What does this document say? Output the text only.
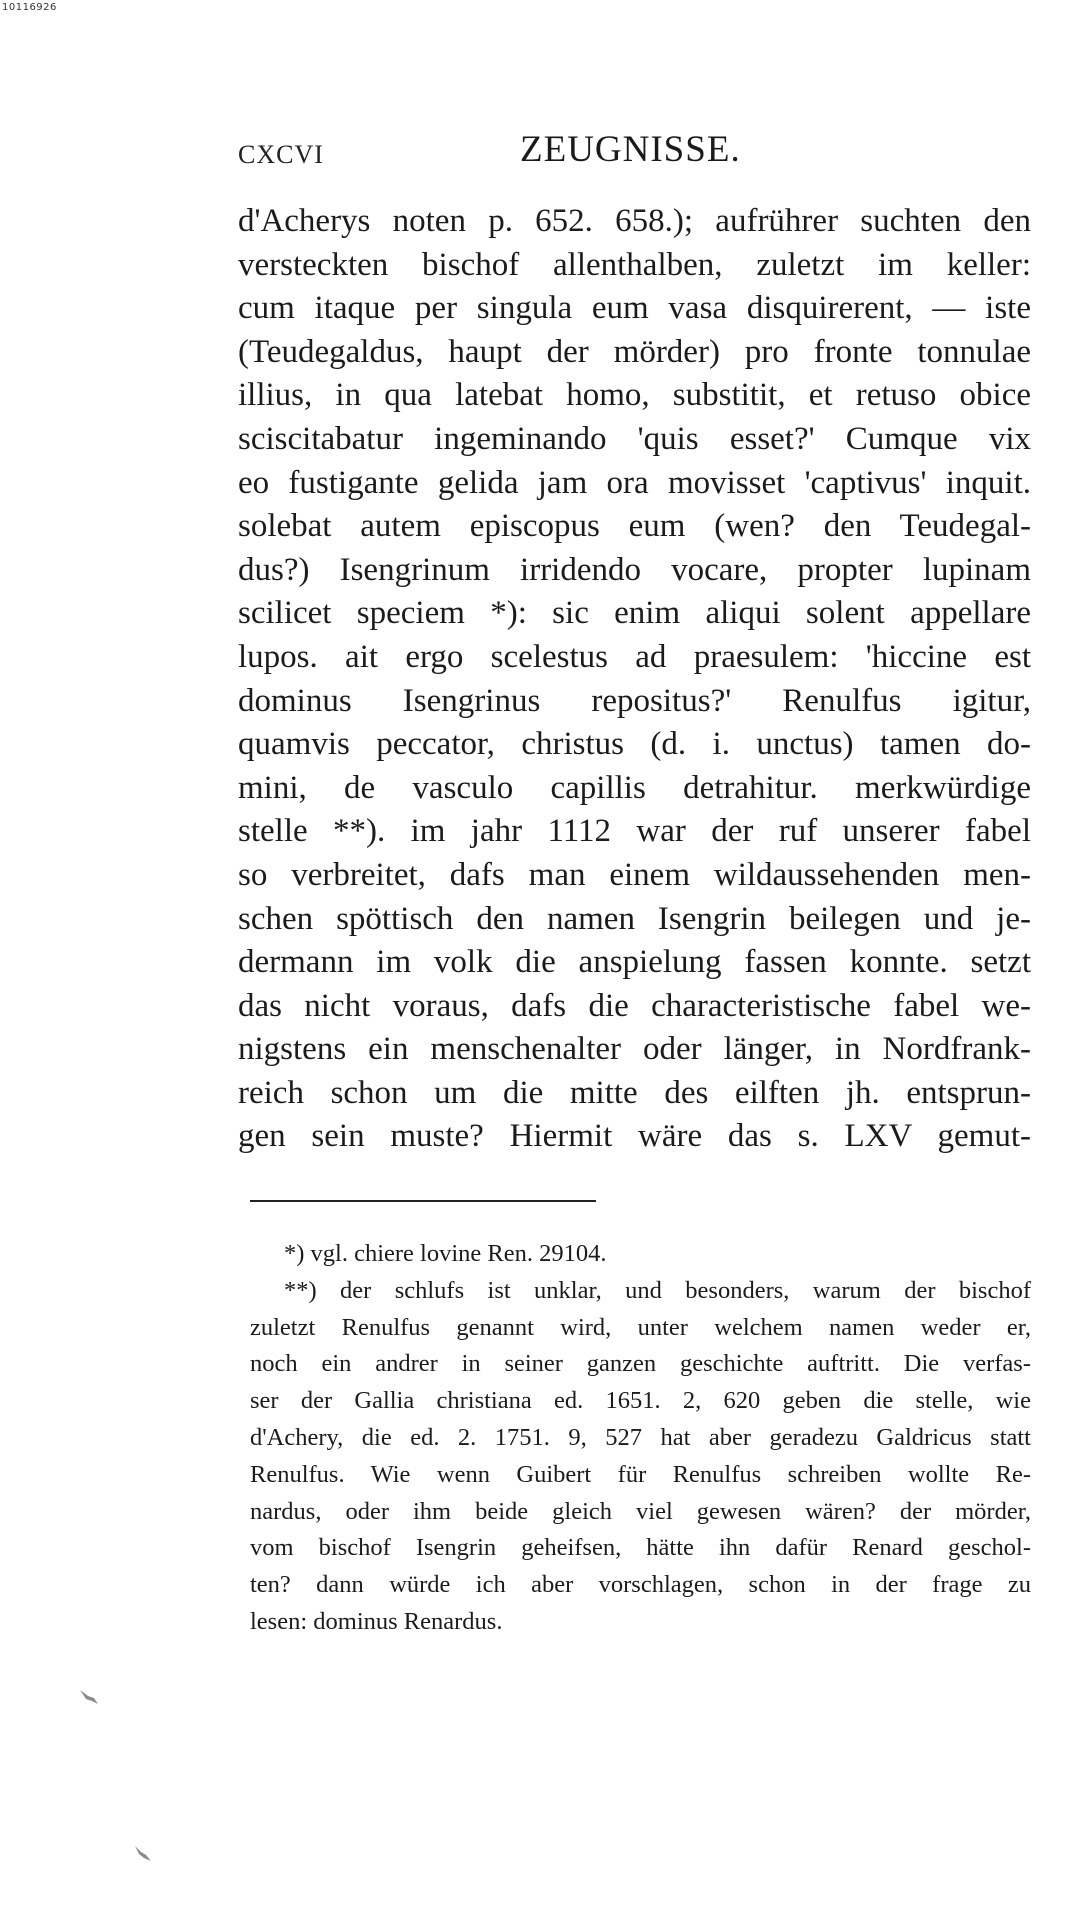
10116926
CXCVI	ZEUGNISSE.
d'Acherys noten p. 652. 658.); aufrührer suchten den
versteckten bischof allenthalben, zuletzt im keller:
cum itaque per singula eum vasa disquirerent, — iste
(Teudegaldus, haupt der mörder) pro fronte tonnulae
illius, in qua latebat homo, substitit, et retuso obice
sciscitabatur ingeminando 'quis esset?' Cumque vix
eo fustigante gelida jam ora movisset 'captivus' inquit.
solebat autem episcopus eum (wen? den Teudegal-
dus?) Isengrinum irridendo vocare, propter lupinam
scilicet speciem *): sic enim aliqui solent appellare
lupos. ait ergo scelestus ad praesulem: 'hiccine est
dominus Isengrinus repositus?' Renulfus igitur,
quamvis peccator, christus (d. i. unctus) tamen do-
mini, de vasculo capillis detrahitur. merkwürdige
stelle **). im jahr 1112 war der ruf unserer fabel
so verbreitet, dafs man einem wildaussehenden men-
schen spöttisch den namen Isengrin beilegen und je-
dermann im volk die anspielung fassen konnte. setzt
das nicht voraus, dafs die characteristische fabel we-
nigstens ein menschenalter oder länger, in Nordfrank-
reich schon um die mitte des eilften jh. entsprun-
gen sein muste? Hiermit wäre das s. LXV gemut-
*) vgl. chiere lovine Ren. 29104.
**) der schlufs ist unklar, und besonders, warum der bischof
zuletzt Renulfus genannt wird, unter welchem namen weder er,
noch ein andrer in seiner ganzen geschichte auftritt. Die verfas-
ser der Gallia christiana ed. 1651. 2, 620 geben die stelle, wie
d'Achery, die ed. 2. 1751. 9, 527 hat aber geradezu Galdricus statt
Renulfus. Wie wenn Guibert für Renulfus schreiben wollte Re-
nardus, oder ihm beide gleich viel gewesen wären? der mörder,
vom bischof Isengrin geheifsen, hätte ihn dafür Renard geschol-
ten? dann würde ich aber vorschlagen, schon in der frage zu
lesen: dominus Renardus.
